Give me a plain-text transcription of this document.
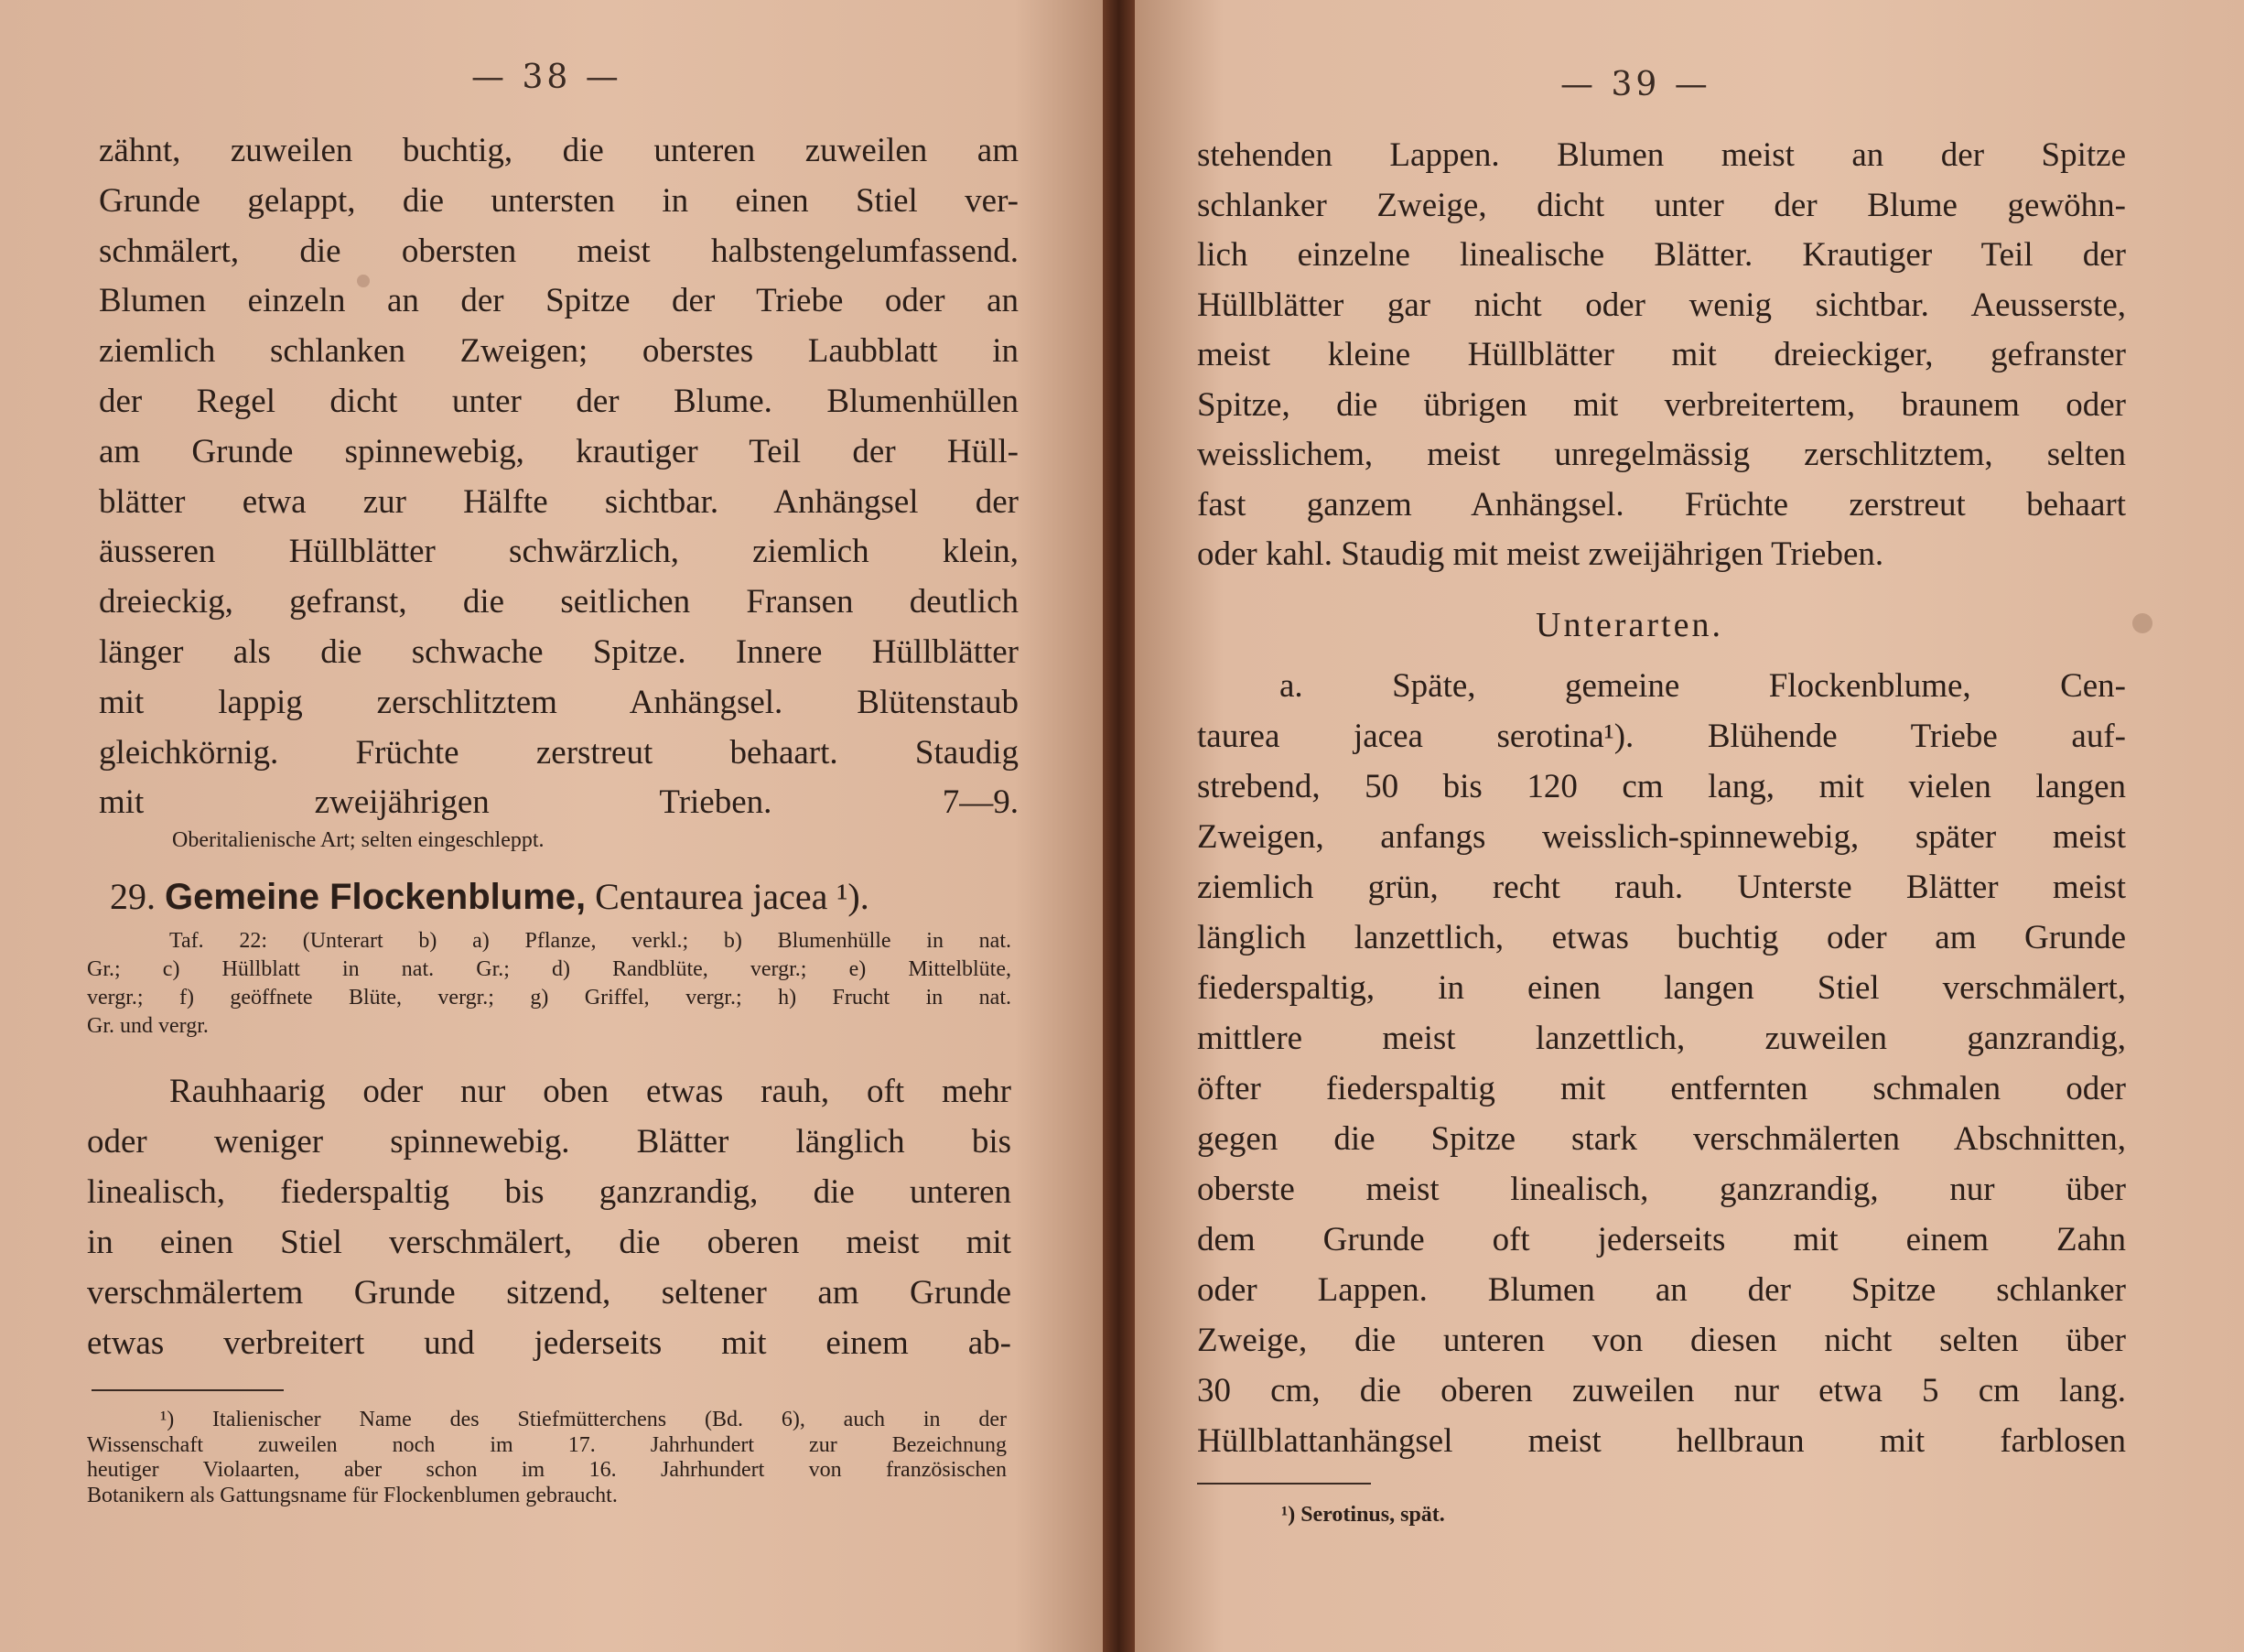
— 38 —
zähnt, zuweilen buchtig, die unteren zuweilen am
Grunde gelappt, die untersten in einen Stiel ver-
schmälert, die obersten meist halbstengelumfassend.
Blumen einzeln an der Spitze der Triebe oder an
ziemlich schlanken Zweigen; oberstes Laubblatt in
der Regel dicht unter der Blume. Blumenhüllen
am Grunde spinnewebig, krautiger Teil der Hüll-
blätter etwa zur Hälfte sichtbar. Anhängsel der
äusseren Hüllblätter schwärzlich, ziemlich klein,
dreieckig, gefranst, die seitlichen Fransen deutlich
länger als die schwache Spitze. Innere Hüllblätter
mit lappig zerschlitztem Anhängsel. Blütenstaub
gleichkörnig. Früchte zerstreut behaart. Staudig
mit zweijährigen Trieben. 7—9.
Oberitalienische Art; selten eingeschleppt.
29. Gemeine Flockenblume, Centaurea jacea ¹).
Taf. 22: (Unterart b) a) Pflanze, verkl.; b) Blumenhülle in nat.
Gr.; c) Hüllblatt in nat. Gr.; d) Randblüte, vergr.; e) Mittelblüte,
vergr.; f) geöffnete Blüte, vergr.; g) Griffel, vergr.; h) Frucht in nat.
Gr. und vergr.
Rauhhaarig oder nur oben etwas rauh, oft mehr
oder weniger spinnewebig. Blätter länglich bis
linealisch, fiederspaltig bis ganzrandig, die unteren
in einen Stiel verschmälert, die oberen meist mit
verschmälertem Grunde sitzend, seltener am Grunde
etwas verbreitert und jederseits mit einem ab-
¹) Italienischer Name des Stiefmütterchens (Bd. 6), auch in der
Wissenschaft zuweilen noch im 17. Jahrhundert zur Bezeichnung
heutiger Violaarten, aber schon im 16. Jahrhundert von französischen
Botanikern als Gattungsname für Flockenblumen gebraucht.
— 39 —
stehenden Lappen. Blumen meist an der Spitze
schlanker Zweige, dicht unter der Blume gewöhn-
lich einzelne linealische Blätter. Krautiger Teil der
Hüllblätter gar nicht oder wenig sichtbar. Aeusserste,
meist kleine Hüllblätter mit dreieckiger, gefranster
Spitze, die übrigen mit verbreitertem, braunem oder
weisslichem, meist unregelmässig zerschlitztem, selten
fast ganzem Anhängsel. Früchte zerstreut behaart
oder kahl. Staudig mit meist zweijährigen Trieben.
Unterarten.
a. Späte, gemeine Flockenblume, Cen-
taurea jacea serotina¹). Blühende Triebe auf-
strebend, 50 bis 120 cm lang, mit vielen langen
Zweigen, anfangs weisslich-spinnewebig, später meist
ziemlich grün, recht rauh. Unterste Blätter meist
länglich lanzettlich, etwas buchtig oder am Grunde
fiederspaltig, in einen langen Stiel verschmälert,
mittlere meist lanzettlich, zuweilen ganzrandig,
öfter fiederspaltig mit entfernten schmalen oder
gegen die Spitze stark verschmälerten Abschnitten,
oberste meist linealisch, ganzrandig, nur über
dem Grunde oft jederseits mit einem Zahn
oder Lappen. Blumen an der Spitze schlanker
Zweige, die unteren von diesen nicht selten über
30 cm, die oberen zuweilen nur etwa 5 cm lang.
Hüllblattanhängsel meist hellbraun mit farblosen
¹) Serotinus, spät.
